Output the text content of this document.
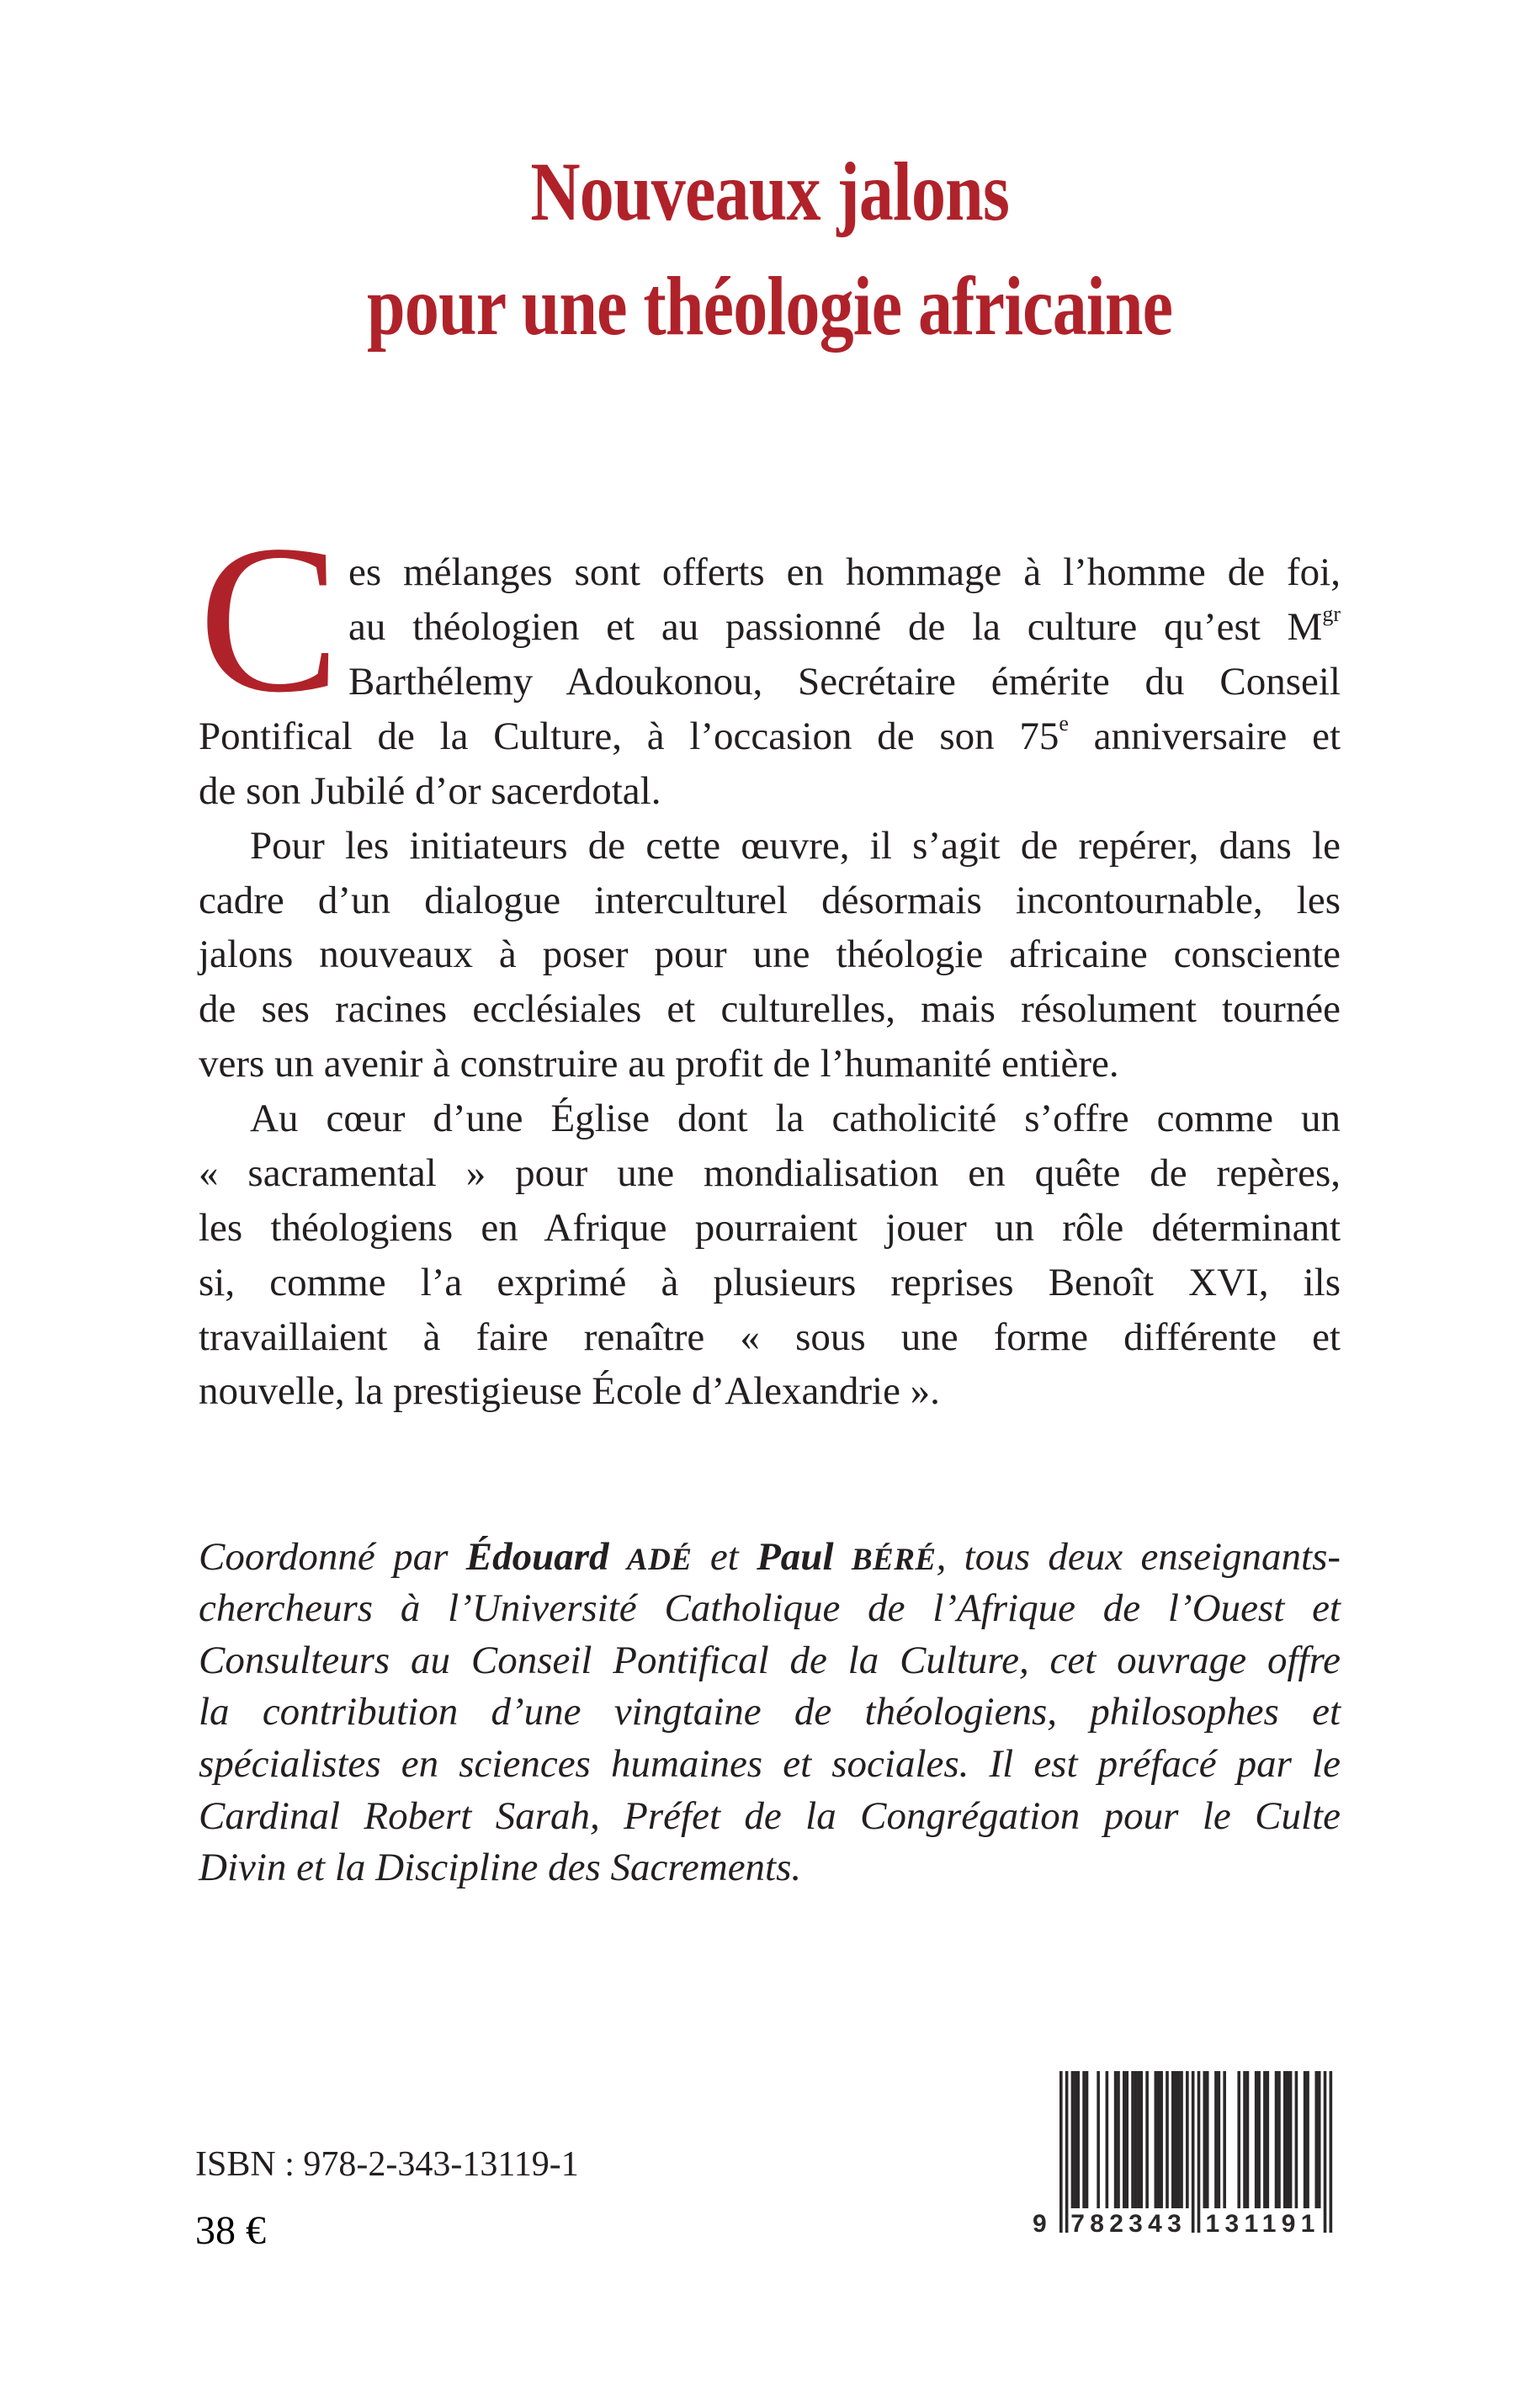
Nouveaux jalons
pour une théologie africaine
C es mélanges sont offerts en hommage à l’homme de foi,
au théologien et au passionné de la culture qu’est $M^{gr}$
Barthélemy Adoukonou, Secrétaire émérite du Conseil
Pontifical de la Culture, à l’occasion de son 75e anniversaire et
de son Jubilé d’or sacerdotal.
Pour les initiateurs de cette œuvre, il s’agit de repérer, dans le
cadre d’un dialogue interculturel désormais incontournable, les
jalons nouveaux à poser pour une théologie africaine consciente
de ses racines ecclésiales et culturelles, mais résolument tournée
vers un avenir à construire au profit de l’humanité entière.
Au cœur d’une Église dont la catholicité s’offre comme un
« sacramental » pour une mondialisation en quête de repères,
les théologiens en Afrique pourraient jouer un rôle déterminant
si, comme l’a exprimé à plusieurs reprises Benoît XVI, ils
travaillaient à faire renaître « sous une forme différente et
nouvelle, la prestigieuse École d’Alexandrie ».
Coordonné par Édouard ADÉ et Paul BÉRÉ, tous deux enseignants-
chercheurs à l’Université Catholique de l’Afrique de l’Ouest et
Consulteurs au Conseil Pontifical de la Culture, cet ouvrage offre
la contribution d’une vingtaine de théologiens, philosophes et
spécialistes en sciences humaines et sociales. Il est préfacé par le
Cardinal Robert Sarah, Préfet de la Congrégation pour le Culte
Divin et la Discipline des Sacrements.
ISBN : 978-2-343-13119-1
38 €	9 782343 131191
